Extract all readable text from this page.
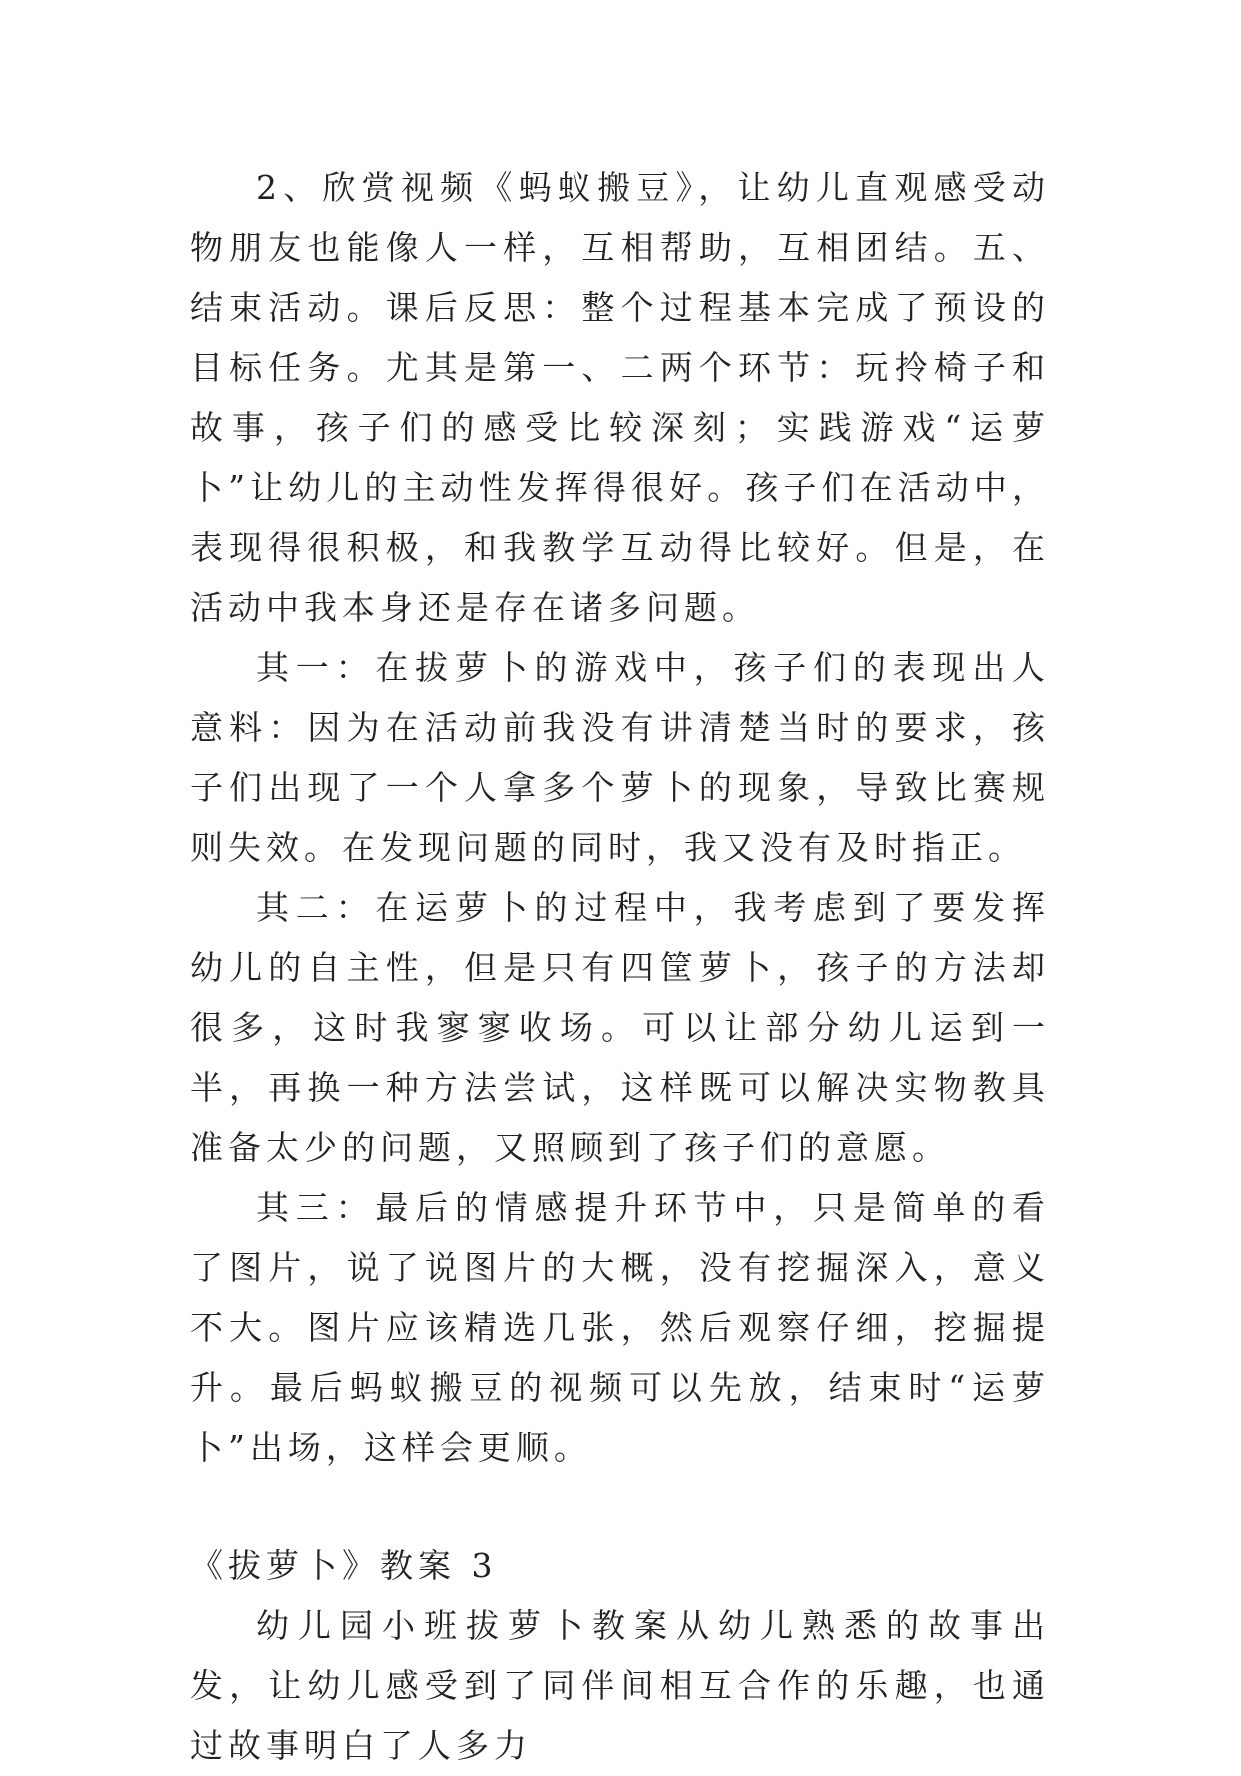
2、欣赏视频《蚂蚁搬豆》，让幼儿直观感受动物朋友也能像人一样，互相帮助，互相团结。五、结束活动。课后反思：整个过程基本完成了预设的目标任务。尤其是第一、二两个环节：玩拎椅子和故事，孩子们的感受比较深刻；实践游戏“运萝卜”让幼儿的主动性发挥得很好。孩子们在活动中，表现得很积极，和我教学互动得比较好。但是，在活动中我本身还是存在诸多问题。

其一：在拔萝卜的游戏中，孩子们的表现出人意料：因为在活动前我没有讲清楚当时的要求，孩子们出现了一个人拿多个萝卜的现象，导致比赛规则失效。在发现问题的同时，我又没有及时指正。

其二：在运萝卜的过程中，我考虑到了要发挥幼儿的自主性，但是只有四筐萝卜，孩子的方法却很多，这时我寥寥收场。可以让部分幼儿运到一半，再换一种方法尝试，这样既可以解决实物教具准备太少的问题，又照顾到了孩子们的意愿。

其三：最后的情感提升环节中，只是简单的看了图片，说了说图片的大概，没有挖掘深入，意义不大。图片应该精选几张，然后观察仔细，挖掘提升。最后蚂蚁搬豆的视频可以先放，结束时“运萝卜”出场，这样会更顺。

《拔萝卜》教案 3

幼儿园小班拔萝卜教案从幼儿熟悉的故事出发，让幼儿感受到了同伴间相互合作的乐趣，也通过故事明白了人多力
